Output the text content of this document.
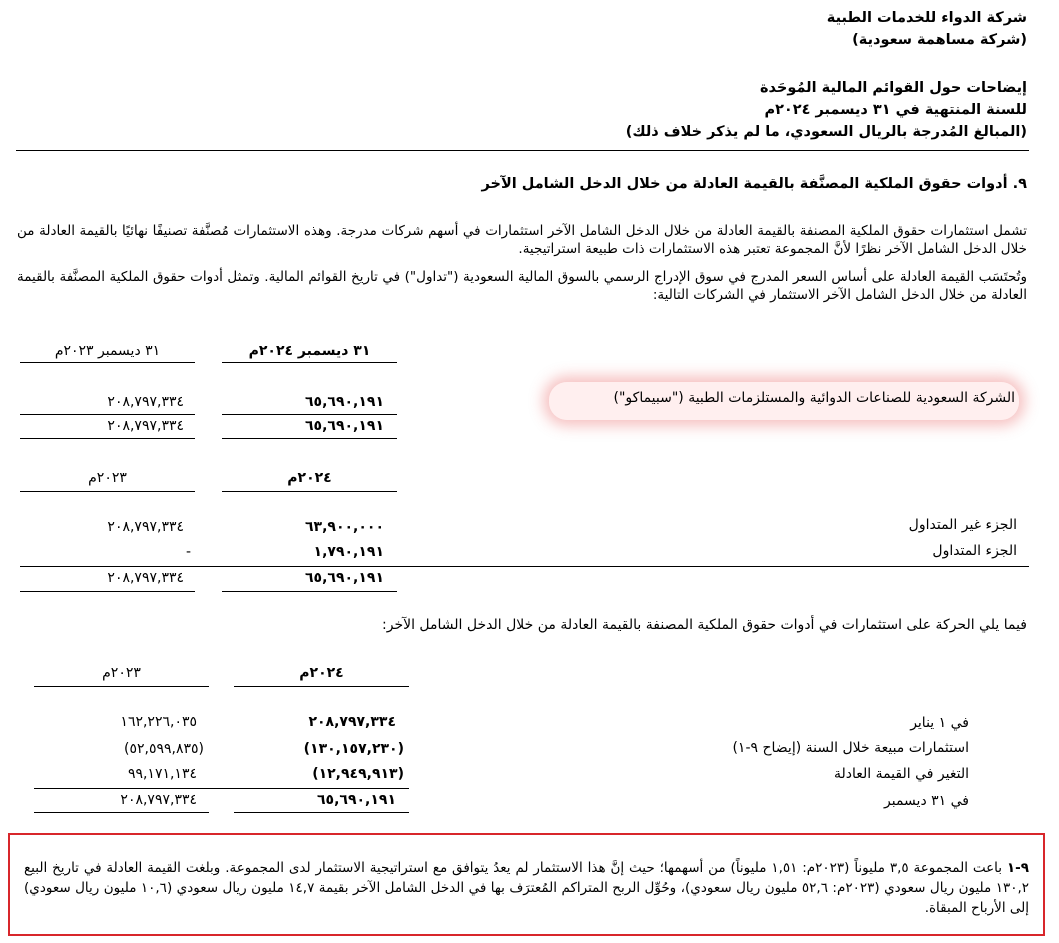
شركة الدواء للخدمات الطبية
(شركة مساهمة سعودية)
إيضاحات حول القوائم المالية المُوحَدة
للسنة المنتهية في ٣١ ديسمبر ٢٠٢٤م
(المبالغ المُدرجة بالريال السعودي، ما لم يذكر خلاف ذلك)
٩. أدوات حقوق الملكية المصنَّفة بالقيمة العادلة من خلال الدخل الشامل الآخر
تشمل استثمارات حقوق الملكية المصنفة بالقيمة العادلة من خلال الدخل الشامل الآخر استثمارات في أسهم شركات مدرجة. وهذه الاستثمارات مُصنَّفة تصنيفًا نهائيًا بالقيمة العادلة من خلال الدخل الشامل الآخر نظرًا لأنَّ المجموعة تعتبر هذه الاستثمارات ذات طبيعة استراتيجية.
وتُحتَسَب القيمة العادلة على أساس السعر المدرج في سوق الإدراج الرسمي بالسوق المالية السعودية ("تداول") في تاريخ القوائم المالية. وتمثل أدوات حقوق الملكية المصنَّفة بالقيمة العادلة من خلال الدخل الشامل الآخر الاستثمار في الشركات التالية:
٣١ ديسمبر ٢٠٢٤م
٣١ ديسمبر ٢٠٢٣م
الشركة السعودية للصناعات الدوائية والمستلزمات الطبية ("سبيماكو")
٦٥,٦٩٠,١٩١
٢٠٨,٧٩٧,٣٣٤
٦٥,٦٩٠,١٩١
٢٠٨,٧٩٧,٣٣٤
٢٠٢٤م
٢٠٢٣م
الجزء غير المتداول
٦٣,٩٠٠,٠٠٠
٢٠٨,٧٩٧,٣٣٤
الجزء المتداول
١,٧٩٠,١٩١
-
٦٥,٦٩٠,١٩١
٢٠٨,٧٩٧,٣٣٤
فيما يلي الحركة على استثمارات في أدوات حقوق الملكية المصنفة بالقيمة العادلة من خلال الدخل الشامل الآخر:
٢٠٢٤م
٢٠٢٣م
في ١ يناير
٢٠٨,٧٩٧,٣٣٤
١٦٢,٢٢٦,٠٣٥
استثمارات مبيعة خلال السنة (إيضاح ٩-١)
(١٣٠,١٥٧,٢٣٠)
(٥٢,٥٩٩,٨٣٥)
التغير في القيمة العادلة
(١٢,٩٤٩,٩١٣)
٩٩,١٧١,١٣٤
في ٣١ ديسمبر
٦٥,٦٩٠,١٩١
٢٠٨,٧٩٧,٣٣٤
٩-١ باعت المجموعة ٣,٥ مليوناً (٢٠٢٣م: ١,٥١ مليوناً) من أسهمها؛ حيث إنَّ هذا الاستثمار لم يعدُ يتوافق مع استراتيجية الاستثمار لدى المجموعة. وبلغت القيمة العادلة في تاريخ البيع ١٣٠,٢ مليون ريال سعودي (٢٠٢٣م: ٥٢,٦ مليون ريال سعودي)، وحُوِّل الربح المتراكم المُعترَف بها في الدخل الشامل الآخر بقيمة ١٤,٧ مليون ريال سعودي (١٠,٦ مليون ريال سعودي) إلى الأرباح المبقاة.
